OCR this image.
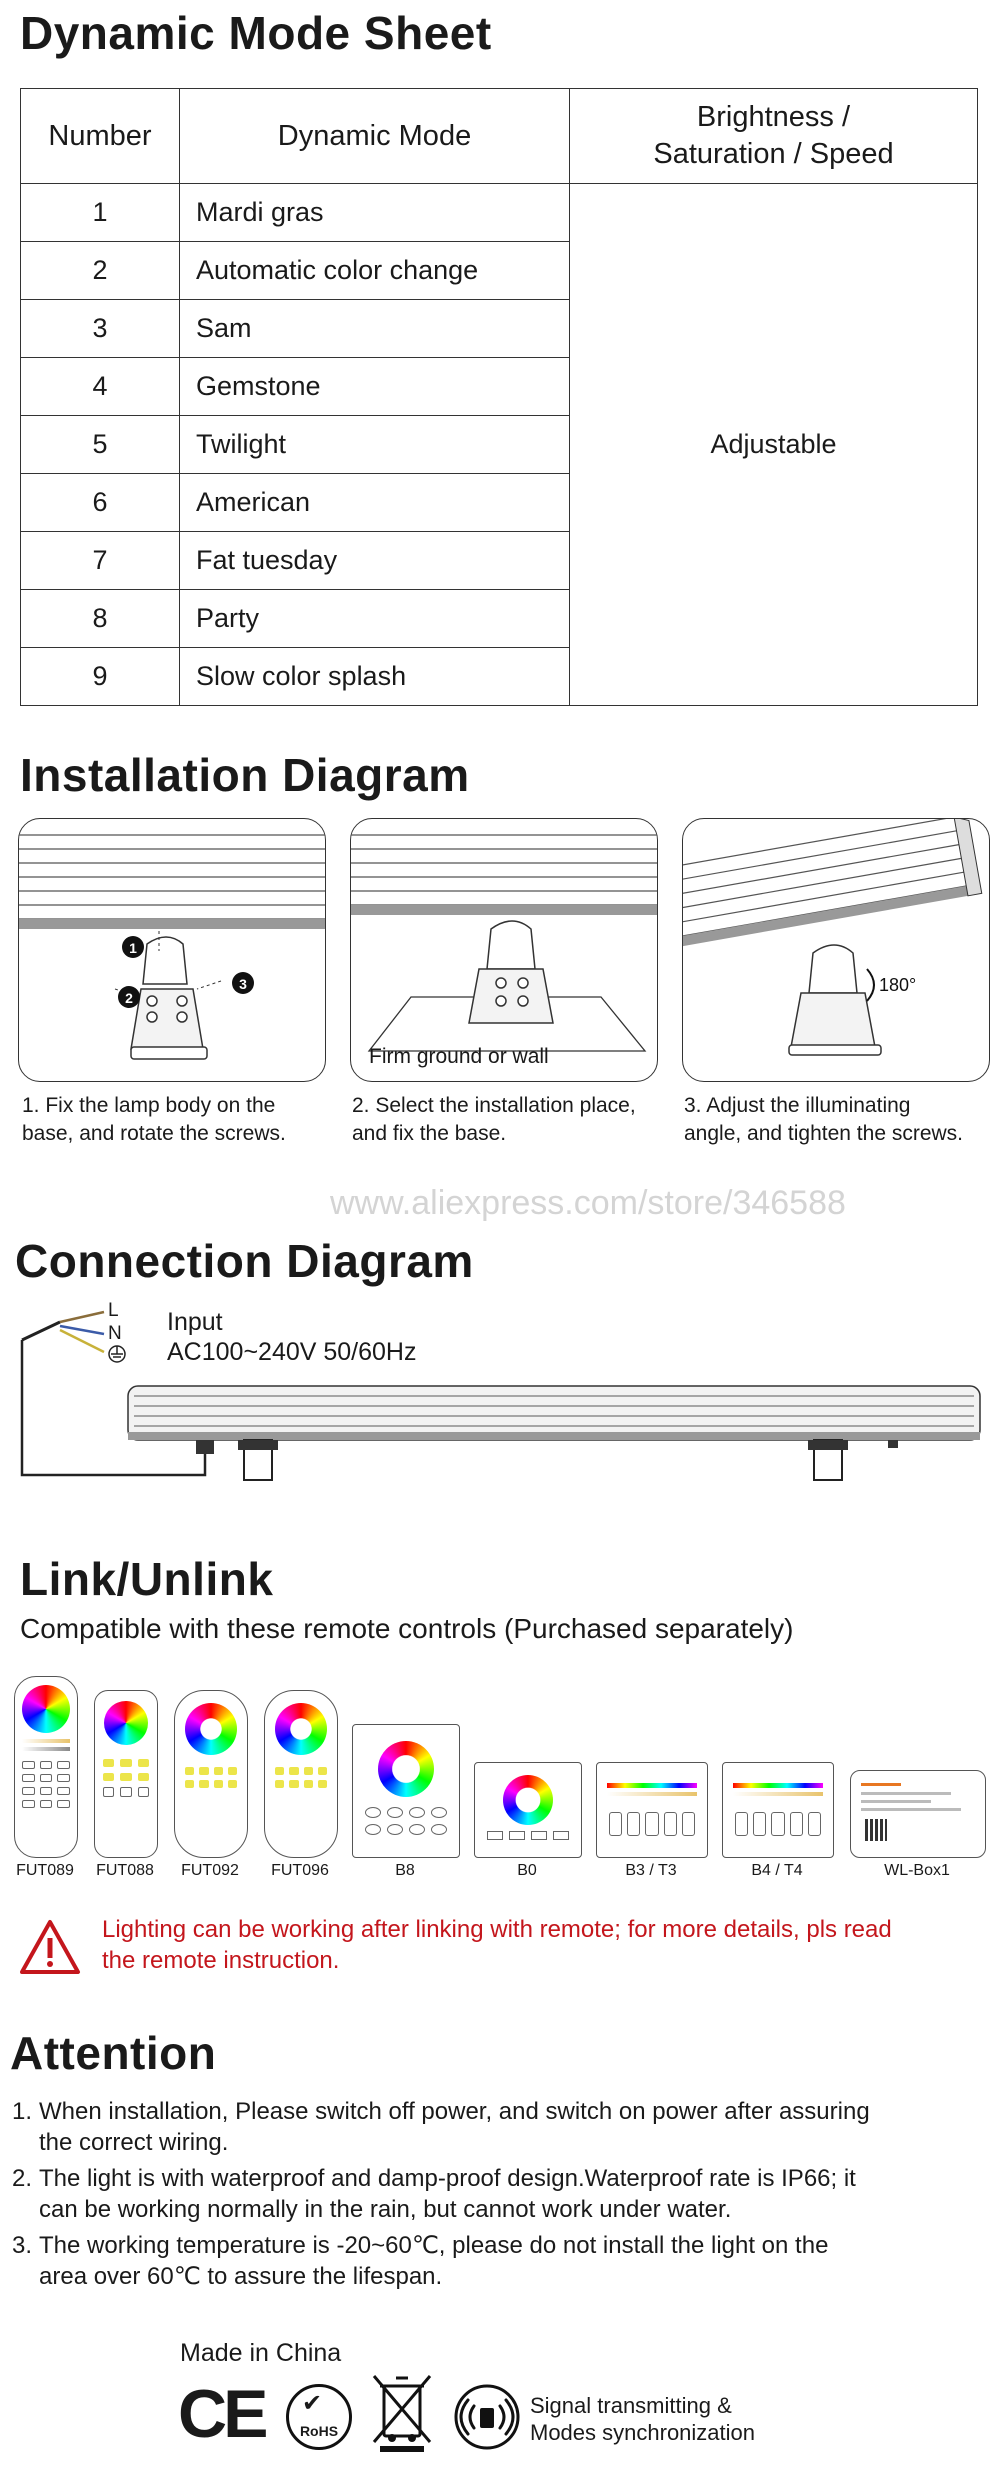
Dynamic Mode Sheet
Number	Dynamic Mode	Brightness /
Saturation / Speed
1	Mardi gras	Adjustable
2	Automatic color change	
3	Sam	
4	Gemstone	
5	Twilight	
6	American	
7	Fat tuesday	
8	Party	
9	Slow color splash	
Installation Diagram
1
2
3
Firm ground or wall
180°
1. Fix the lamp body on the
base, and rotate the screws.
2. Select the installation place,
and fix the base.
3. Adjust the illuminating
angle, and tighten the screws.
www.aliexpress.com/store/346588
Connection Diagram
L
N Input
AC100~240V 50/60Hz
Link/Unlink
Compatible with these remote controls (Purchased separately)
FUT089	FUT088	FUT092	FUT096	B8	B0	B3 / T3	B4 / T4	WL-Box1
Lighting can be working after linking with remote; for more details, pls read
the remote instruction.
Attention
1. When installation, Please switch off power, and switch on power after assuring
the correct wiring.
2. The light is with waterproof and damp-proof design.Waterproof rate is IP66; it
can be working normally in the rain, but cannot work under water.
3. The working temperature is -20~60℃, please do not install the light on the
area over 60℃ to assure the lifespan.
Made in China
CE ✔
RoHS
Signal transmitting &
Modes synchronization
